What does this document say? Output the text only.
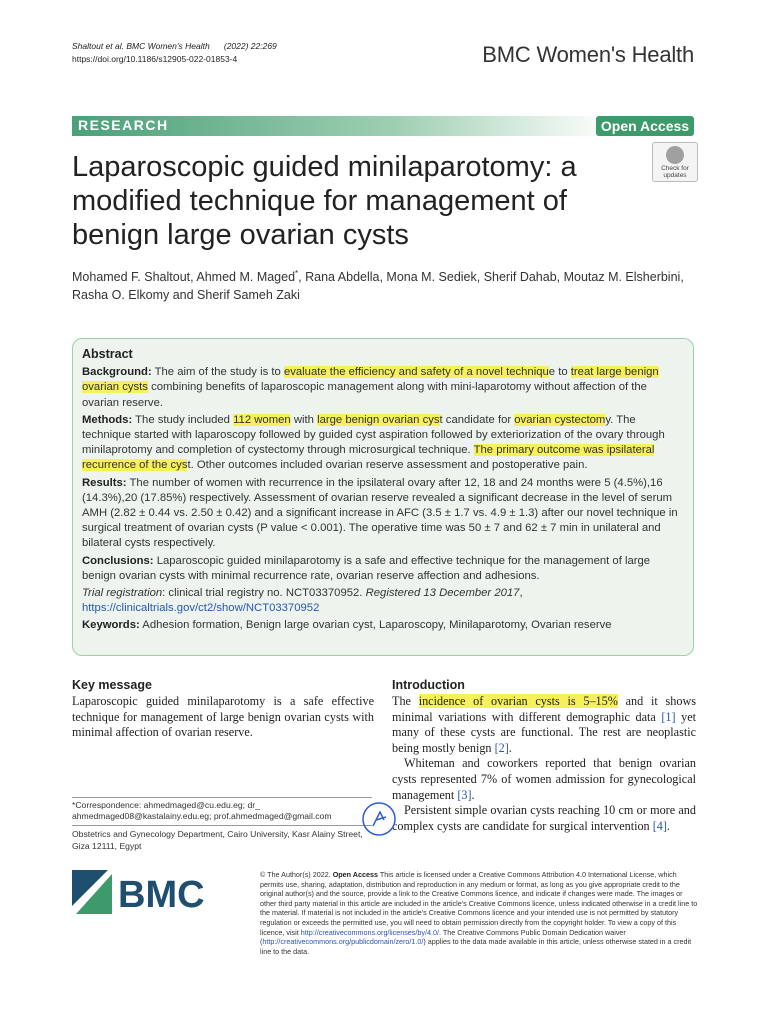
Shaltout et al. BMC Women's Health (2022) 22:269
https://doi.org/10.1186/s12905-022-01853-4	BMC Women's Health
RESEARCH	Open Access
Laparoscopic guided minilaparotomy: a modified technique for management of benign large ovarian cysts
Check for
updates
Mohamed F. Shaltout, Ahmed M. Maged*, Rana Abdella, Mona M. Sediek, Sherif Dahab, Moutaz M. Elsherbini,
Rasha O. Elkomy and Sherif Sameh Zaki

Abstract

Background: The aim of the study is to evaluate the efficiency and safety of a novel technique to treat large benign ovarian cysts combining benefits of laparoscopic management along with mini-laparotomy without affection of the ovarian reserve.

Methods: The study included 112 women with large benign ovarian cyst candidate for ovarian cystectomy. The technique started with laparoscopy followed by guided cyst aspiration followed by exteriorization of the ovary through minilaprotomy and completion of cystectomy through microsurgical technique. The primary outcome was ipsilateral recurrence of the cyst. Other outcomes included ovarian reserve assessment and postoperative pain.

Results: The number of women with recurrence in the ipsilateral ovary after 12, 18 and 24 months were 5 (4.5%),16 (14.3%),20 (17.85%) respectively. Assessment of ovarian reserve revealed a significant decrease in the level of serum AMH (2.82 ± 0.44 vs. 2.50 ± 0.42) and a significant increase in AFC (3.5 ± 1.7 vs. 4.9 ± 1.3) after our novel technique in surgical treatment of ovarian cysts (P value < 0.001). The operative time was 50 ± 7 and 62 ± 7 min in unilateral and bilateral cysts respectively.

Conclusions: Laparoscopic guided minilaparotomy is a safe and effective technique for the management of large benign ovarian cysts with minimal recurrence rate, ovarian reserve affection and adhesions.

Trial registration: clinical trial registry no. NCT03370952. Registered 13 December 2017, https://clinicaltrials.gov/ct2/show/NCT03370952

Keywords: Adhesion formation, Benign large ovarian cyst, Laparoscopy, Minilaparotomy, Ovarian reserve

Key message
Laparoscopic guided minilaparotomy is a safe effective technique for management of large benign ovarian cysts with minimal affection of ovarian reserve.
*Correspondence: ahmedmaged@cu.edu.eg; dr_
ahmedmaged08@kastalainy.edu.eg; prof.ahmedmaged@gmail.com
Obstetrics and Gynecology Department, Cairo University, Kasr Alainy Street, Giza 12111, Egypt
Introduction

The incidence of ovarian cysts is 5–15% and it shows minimal variations with different demographic data [1] yet many of these cysts are functional. The rest are neoplastic being mostly benign [2].

Whiteman and coworkers reported that benign ovarian cysts represented 7% of women admission for gynecological management [3].

Persistent simple ovarian cysts reaching 10 cm or more and complex cysts are candidate for surgical intervention [4].

BMC	© The Author(s) 2022. Open Access This article is licensed under a Creative Commons Attribution 4.0 International License, which permits use, sharing, adaptation, distribution and reproduction in any medium or format, as long as you give appropriate credit to the original author(s) and the source, provide a link to the Creative Commons licence, and indicate if changes were made. The images or other third party material in this article are included in the article's Creative Commons licence, unless indicated otherwise in a credit line to the material. If material is not included in the article's Creative Commons licence and your intended use is not permitted by statutory regulation or exceeds the permitted use, you will need to obtain permission directly from the copyright holder. To view a copy of this licence, visit http://creativecommons.org/licenses/by/4.0/. The Creative Commons Public Domain Dedication waiver (http://creativecommons.org/publicdomain/zero/1.0/) applies to the data made available in this article, unless otherwise stated in a credit line to the data.
